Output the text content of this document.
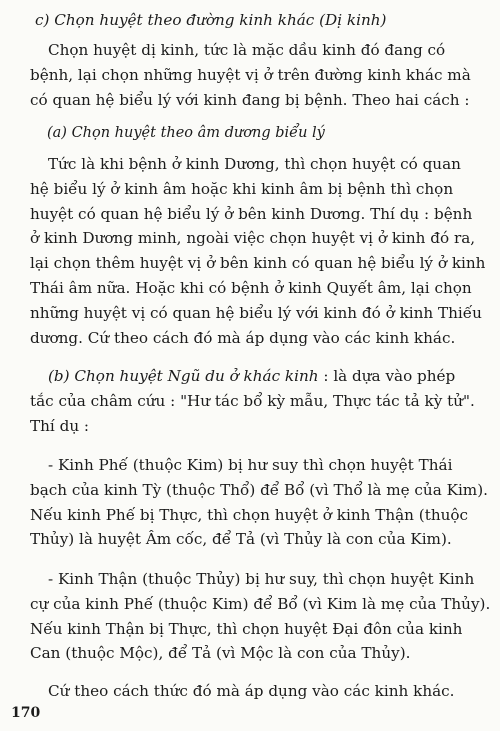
c) Chọn huyệt theo đường kinh khác (Dị kinh)
Chọn huyệt dị kinh, tức là mặc dầu kinh đó đang có
bệnh, lại chọn những huyệt vị ở trên đường kinh khác mà
có quan hệ biểu lý với kinh đang bị bệnh. Theo hai cách :
(a) Chọn huyệt theo âm dương biểu lý
Tức là khi bệnh ở kinh Dương, thì chọn huyệt có quan
hệ biểu lý ở kinh âm hoặc khi kinh âm bị bệnh thì chọn
huyệt có quan hệ biểu lý ở bên kinh Dương. Thí dụ : bệnh
ở kinh Dương minh, ngoài việc chọn huyệt vị ở kinh đó ra,
lại chọn thêm huyệt vị ở bên kinh có quan hệ biểu lý ở kinh
Thái âm nữa. Hoặc khi có bệnh ở kinh Quyết âm, lại chọn
những huyệt vị có quan hệ biểu lý với kinh đó ở kinh Thiếu
dương. Cứ theo cách đó mà áp dụng vào các kinh khác.
(b) Chọn huyệt Ngũ du ở khác kinh : là dựa vào phép
tắc của châm cứu : "Hư tác bổ kỳ mẫu, Thực tác tả kỳ tử".
Thí dụ :
- Kinh Phế (thuộc Kim) bị hư suy thì chọn huyệt Thái
bạch của kinh Tỳ (thuộc Thổ) để Bổ (vì Thổ là mẹ của Kim).
Nếu kinh Phế bị Thực, thì chọn huyệt ở kinh Thận (thuộc
Thủy) là huyệt Âm cốc, để Tả (vì Thủy là con của Kim).
- Kinh Thận (thuộc Thủy) bị hư suy, thì chọn huyệt Kinh
cự của kinh Phế (thuộc Kim) để Bổ (vì Kim là mẹ của Thủy).
Nếu kinh Thận bị Thực, thì chọn huyệt Đại đôn của kinh
Can (thuộc Mộc), để Tả (vì Mộc là con của Thủy).
Cứ theo cách thức đó mà áp dụng vào các kinh khác.
170
